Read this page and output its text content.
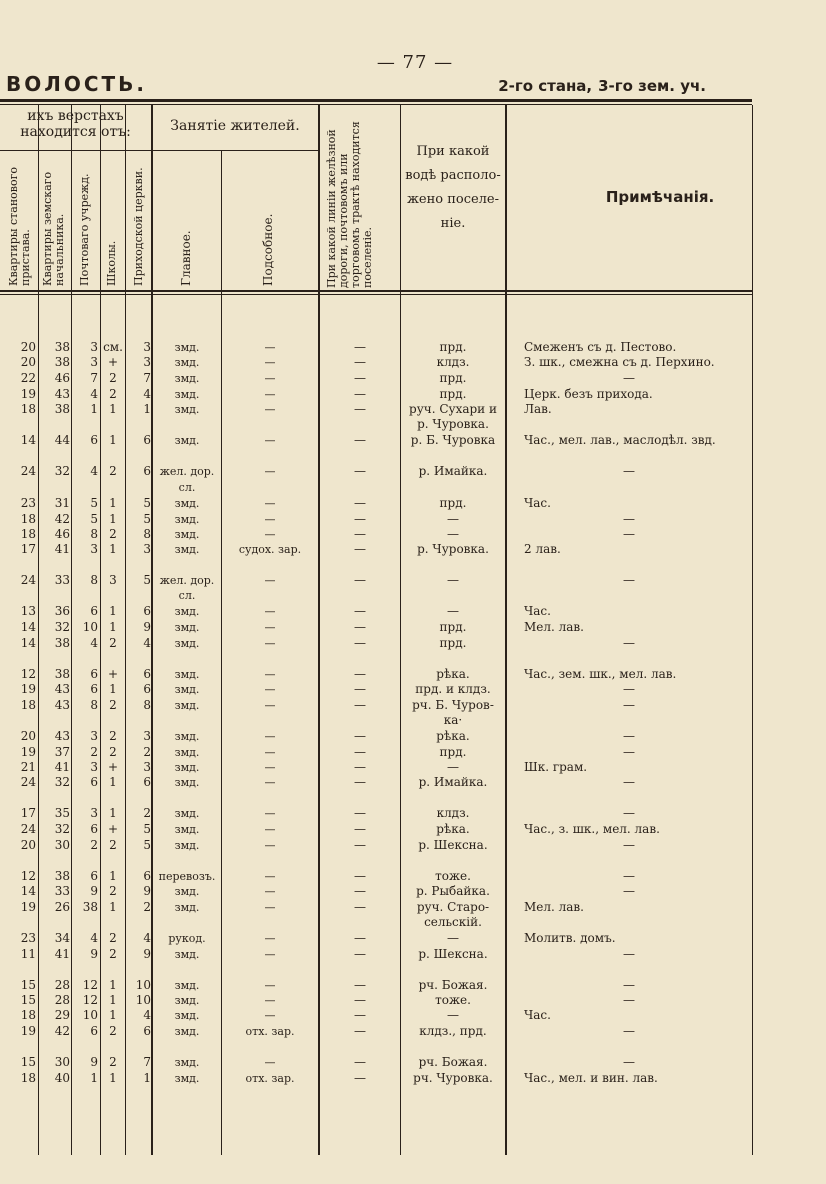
— 77 —
ВОЛОСТЬ.	2-го стана, 3-го зем. уч.
ихъ верстахъ находится отъ:	Занятіе жителей.
Квартиры станового пристава. Квартиры земскаго начальника. Почтоваго учрежд. Школы. Приходской церкви.	Главное.	Подсобное.	При какой линіи желѣзной дороги, почтовомъ или торговомъ трактѣ находится поселеніе.
При какой водѣ расположено поселеніе.
Примѣчанія.
20	38	3 см.	3	змд.	—	—	прд.	Смеженъ съ д. Пестово.
20	38	3 +	3	змд.	—	—	клдз.	З. шк., смежна съ д. Перхино.
22	46	7 2	7	змд.	—	—	прд.	—
19	43	4 2	4	змд.	—	—	прд.	Церк. безъ прихода.
18	38	1 1	1	змд.	—	—	руч. Сухари и	Лав.
р. Чуровка.
14	44	6 1	6	змд.	—	—	р. Б. Чуровка	Час., мел. лав., маслодѣл. звд.
24	32	4 2	6 жел. дор.	—	—	р. Имайка.	—
сл.
23	31	5 1	5	змд.	—	—	прд.	Час.
18	42	5 1	5	змд.	—	—	—	—
18	46	8 2	8	змд.	—	—	—	—
17	41	3 1	3	змд.	судох. зар.	—	р. Чуровка.	2 лав.
24	33	8 3	5 жел. дор.	—	—	—	—
сл.
13	36	6 1	6	змд.	—	—	—	Час.
14	32	10 1	9	змд.	—	—	прд.	Мел. лав.
14	38	4 2	4	змд.	—	—	прд.	—
12	38	6 +	6	змд.	—	—	рѣка.	Час., зем. шк., мел. лав.
19	43	6 1	6	змд.	—	—	прд. и клдз.	—
18	43	8 2	8	змд.	—	—	рч. Б. Чуров-	—
ка·
20	43	3 2	3	змд.	—	—	рѣка.	—
19	37	2 2	2	змд.	—	—	прд.	—
21	41	3 +	3	змд.	—	—	—	Шк. грам.
24	32	6 1	6	змд.	—	—	р. Имайка.	—
17	35	3 1	2	змд.	—	—	клдз.	—
24	32	6 +	5	змд.	—	—	рѣка.	Час., з. шк., мел. лав.
20	30	2 2	5	змд.	—	—	р. Шексна.	—
12	38	6 1	6 перевозъ.	—	—	тоже.	—
14	33	9 2	9	змд.	—	—	р. Рыбайка.	—
19	26	38 1	2	змд.	—	—	руч. Старо-	Мел. лав.
сельскій.
23	34	4 2	4	рукод.	—	—	—	Молитв. домъ.
11	41	9 2	9	змд.	—	—	р. Шексна.	—
15	28	12 1	10	змд.	—	—	рч. Божая.	—
15	28	12 1	10	змд.	—	—	тоже.	—
18	29	10 1	4	змд.	—	—	—	Час.
19	42	6 2	6	змд.	отх. зар.	—	клдз., прд.	—
15	30	9 2	7	змд.	—	—	рч. Божая.	—
18	40	1 1	1	змд.	отх. зар.	—	рч. Чуровка.	Час., мел. и вин. лав.
